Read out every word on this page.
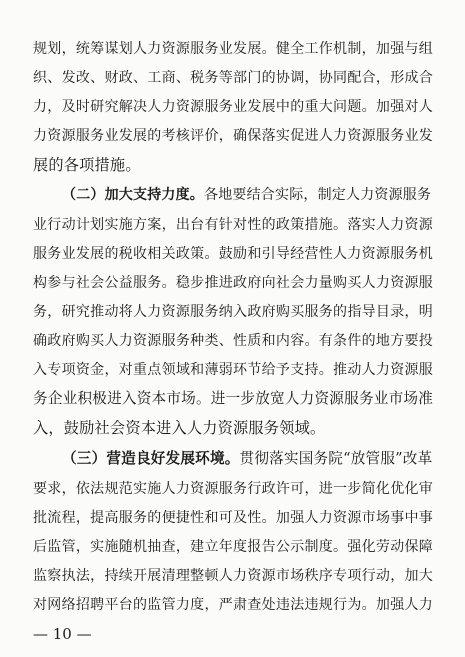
规划，统筹谋划人力资源服务业发展。健全工作机制，加强与组
织、发改、财政、工商、税务等部门的协调，协同配合，形成合
力，及时研究解决人力资源服务业发展中的重大问题。加强对人
力资源服务业发展的考核评价，确保落实促进人力资源服务业发
展的各项措施。
（二）加大支持力度。各地要结合实际，制定人力资源服务
业行动计划实施方案，出台有针对性的政策措施。落实人力资源
服务业发展的税收相关政策。鼓励和引导经营性人力资源服务机
构参与社会公益服务。稳步推进政府向社会力量购买人力资源服
务，研究推动将人力资源服务纳入政府购买服务的指导目录，明
确政府购买人力资源服务种类、性质和内容。有条件的地方要投
入专项资金，对重点领域和薄弱环节给予支持。推动人力资源服
务企业积极进入资本市场。进一步放宽人力资源服务业市场准
入，鼓励社会资本进入人力资源服务领域。
（三）营造良好发展环境。贯彻落实国务院“放管服”改革
要求，依法规范实施人力资源服务行政许可，进一步简化优化审
批流程，提高服务的便捷性和可及性。加强人力资源市场事中事
后监管，实施随机抽查，建立年度报告公示制度。强化劳动保障
监察执法，持续开展清理整顿人力资源市场秩序专项行动，加大
对网络招聘平台的监管力度，严肃查处违法违规行为。加强人力
— 10 —
